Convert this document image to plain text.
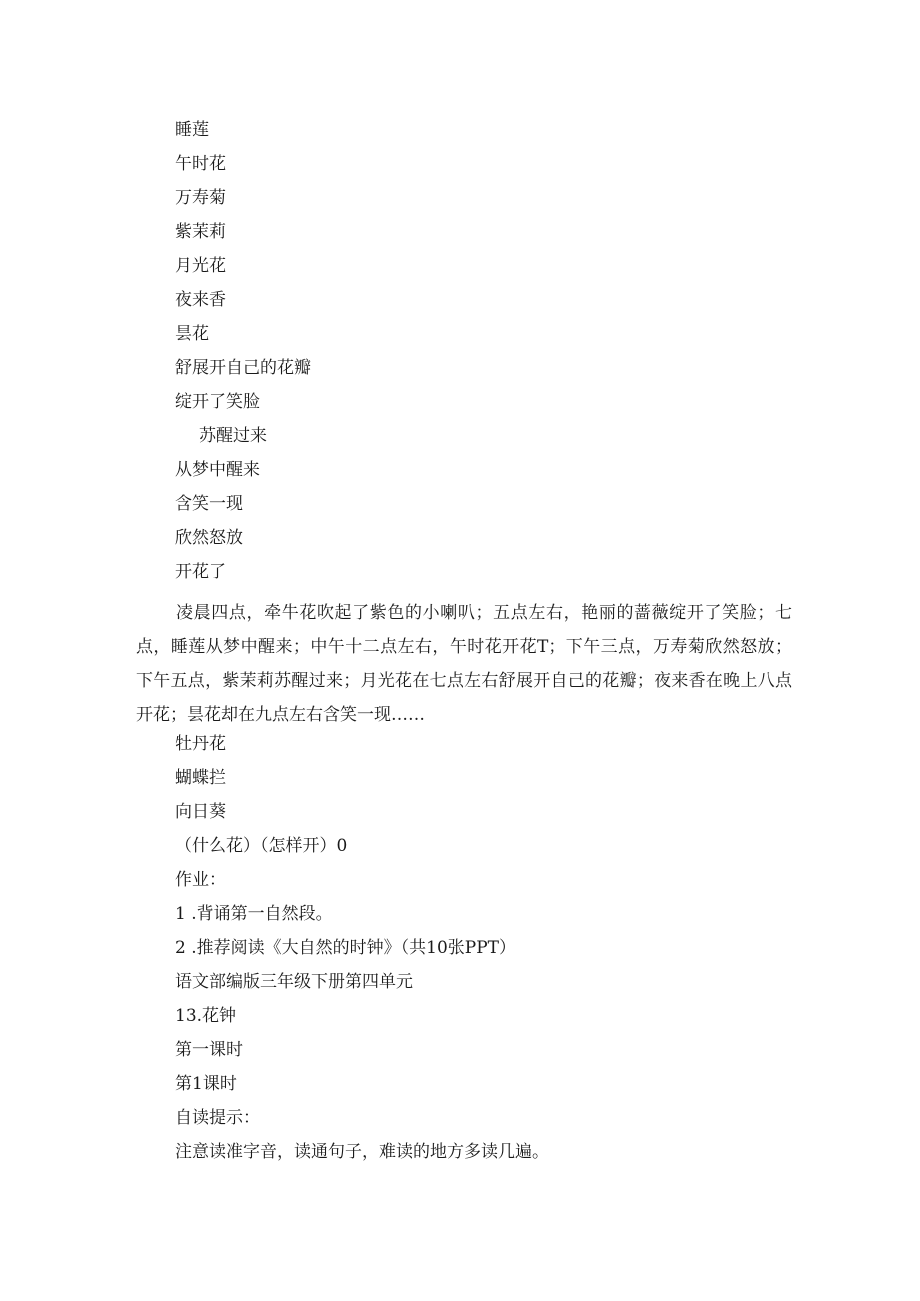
睡莲
午时花
万寿菊
紫茉莉
月光花
夜来香
昙花
舒展开自己的花瓣
绽开了笑脸
苏醒过来
从梦中醒来
含笑一现
欣然怒放
开花了
凌晨四点，牵牛花吹起了紫色的小喇叭；五点左右，艳丽的蔷薇绽开了笑脸；七点，睡莲从梦中醒来；中午十二点左右，午时花开花T；下午三点，万寿菊欣然怒放；下午五点，紫茉莉苏醒过来；月光花在七点左右舒展开自己的花瓣；夜来香在晚上八点开花；昙花却在九点左右含笑一现……
牡丹花
蝴蝶拦
向日葵
（什么花）（怎样开）0
作业：
1 .背诵第一自然段。
2 .推荐阅读《大自然的时钟》（共10张PPT）
语文部编版三年级下册第四单元
13.花钟
第一课时
第1课时
自读提示：
注意读准字音，读通句子，难读的地方多读几遍。
